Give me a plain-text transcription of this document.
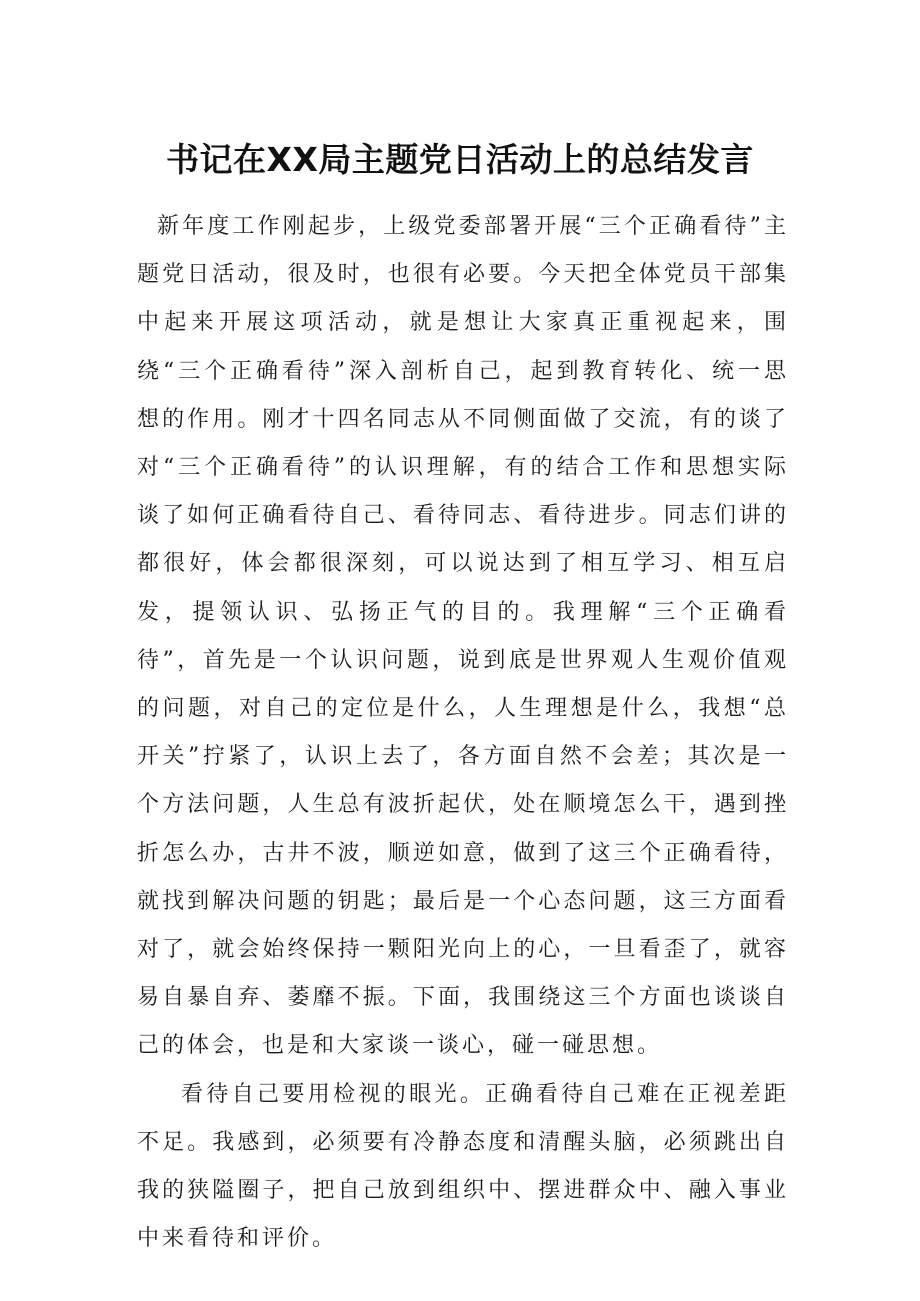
书记在XX局主题党日活动上的总结发言

新年度工作刚起步，上级党委部署开展“三个正确看待”主题党日活动，很及时，也很有必要。今天把全体党员干部集中起来开展这项活动，就是想让大家真正重视起来，围绕“三个正确看待”深入剖析自己，起到教育转化、统一思想的作用。刚才十四名同志从不同侧面做了交流，有的谈了对“三个正确看待”的认识理解，有的结合工作和思想实际谈了如何正确看待自己、看待同志、看待进步。同志们讲的都很好，体会都很深刻，可以说达到了相互学习、相互启发，提领认识、弘扬正气的目的。我理解“三个正确看待”，首先是一个认识问题，说到底是世界观人生观价值观的问题，对自己的定位是什么，人生理想是什么，我想“总开关”拧紧了，认识上去了，各方面自然不会差；其次是一个方法问题，人生总有波折起伏，处在顺境怎么干，遇到挫折怎么办，古井不波，顺逆如意，做到了这三个正确看待，就找到解决问题的钥匙；最后是一个心态问题，这三方面看对了，就会始终保持一颗阳光向上的心，一旦看歪了，就容易自暴自弃、萎靡不振。下面，我围绕这三个方面也谈谈自己的体会，也是和大家谈一谈心，碰一碰思想。

看待自己要用检视的眼光。正确看待自己难在正视差距不足。我感到，必须要有冷静态度和清醒头脑，必须跳出自我的狭隘圈子，把自己放到组织中、摆进群众中、融入事业中来看待和评价。
